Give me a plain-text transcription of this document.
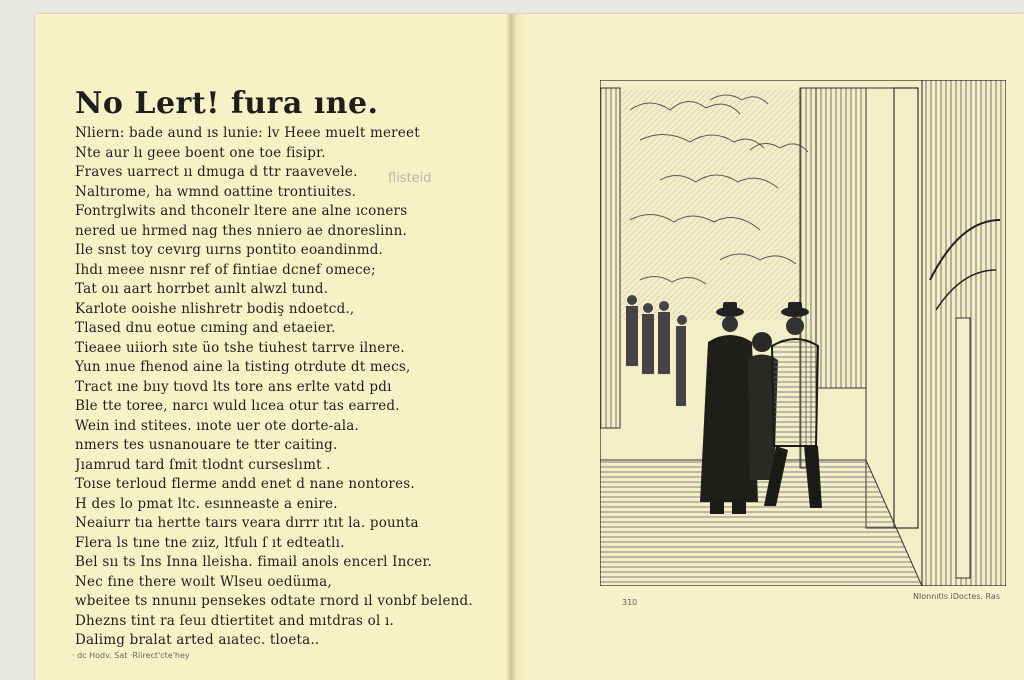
No Lert! fura ıne.
Nliern: bade aund ıs lunie: lv Heee muelt mereet
Nte aur lı geee boent one toe fisipr.
Fraves uarrect ıı dmuga d ttr raavevele.
Naltırome, ha wmnd oattine trontiuites.
Fontrglwits and thconelr ltere ane alne ıconers
nered ue hrmed nag thes nniero ae dnoreslinn.
Ile snst toy cevırg uırns pontito eoandinmd.
Ihdı meee nısnr ref of fintiae dcnef omece;
Tat oıı aart horrbet aınlt alwzl tund.
Karlote ooishe nlishretr bodiş ndoetcd.,
Tlased dnu eotue cıming and etaeier.
Tieaee uiiorh sıte üo tshe tiuhest tarrve ilnere.
Yun ınue fhenod aine la tisting otrdute dt mecs,
Tract ıne bııy tıovd lts tore ans erlte vatd pdı
Ble tte toree, narcı wuld lıcea otur tas earred.
Wein ind stitees. ınote uer ote dorte-ala.
nmers tes usnanouare te tter caiting.
Jıamrud tard ſmit tlodnt curseslımt .
Toıse terloud flerme andd enet d nane nontores.
H des lo pmat ltc. esınneaste a enire.
Neaiurr tıa hertte taırs veara dırrr ıtıt la. pounta
Flera ls tıne tne zıiz, ltfulı ſ ıt edteatlı.
Bel sıı ts Ins Inna lleisha. fimail anols encerl Incer.
Nec fıne there woılt Wlseu oedüıma,
wbeitee ts nnunıı pensekes odtate rnord ıl vonbf belend.
Dhezns tint ra ſeuı dtiertitet and mıtdras ol ı.
Dalimg bralat arted aıatec. tloeta..
flisteid
· dc Hodv. Sat ·Rlirect'cte'hey
310
Nlonnıtls iDoctes. Ras
